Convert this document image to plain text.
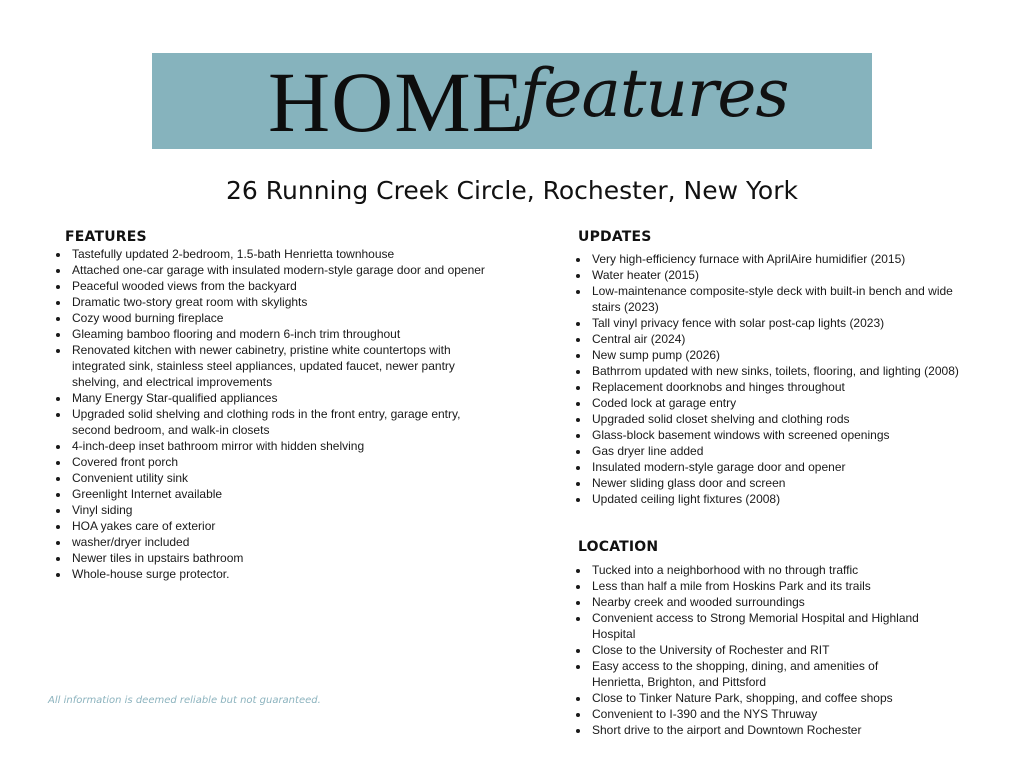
HOME
features
26 Running Creek Circle, Rochester, New York
FEATURES
• Tastefully updated 2-bedroom, 1.5-bath Henrietta townhouse
• Attached one-car garage with insulated modern-style garage door and opener
• Peaceful wooded views from the backyard
• Dramatic two-story great room with skylights
• Cozy wood burning fireplace
• Gleaming bamboo flooring and modern 6-inch trim throughout
• Renovated kitchen with newer cabinetry, pristine white countertops with integrated sink, stainless steel appliances, updated faucet, newer pantry shelving, and electrical improvements
• Many Energy Star-qualified appliances
• Upgraded solid shelving and clothing rods in the front entry, garage entry, second bedroom, and walk-in closets
• 4-inch-deep inset bathroom mirror with hidden shelving
• Covered front porch
• Convenient utility sink
• Greenlight Internet available
• Vinyl siding
• HOA yakes care of exterior
• washer/dryer included
• Newer tiles in upstairs bathroom
• Whole-house surge protector.
UPDATES
• Very high-efficiency furnace with AprilAire humidifier (2015)
• Water heater (2015)
• Low-maintenance composite-style deck with built-in bench and wide stairs (2023)
• Tall vinyl privacy fence with solar post-cap lights (2023)
• Central air (2024)
• New sump pump (2026)
• Bathrrom updated with new sinks, toilets, flooring, and lighting (2008)
• Replacement doorknobs and hinges throughout
• Coded lock at garage entry
• Upgraded solid closet shelving and clothing rods
• Glass-block basement windows with screened openings
• Gas dryer line added
• Insulated modern-style garage door and opener
• Newer sliding glass door and screen
• Updated ceiling light fixtures (2008)
LOCATION
• Tucked into a neighborhood with no through traffic
• Less than half a mile from Hoskins Park and its trails
• Nearby creek and wooded surroundings
• Convenient access to Strong Memorial Hospital and Highland Hospital
• Close to the University of Rochester and RIT
• Easy access to the shopping, dining, and amenities of Henrietta, Brighton, and Pittsford
• Close to Tinker Nature Park, shopping, and coffee shops
• Convenient to I-390 and the NYS Thruway
• Short drive to the airport and Downtown Rochester
All information is deemed reliable but not guaranteed.
